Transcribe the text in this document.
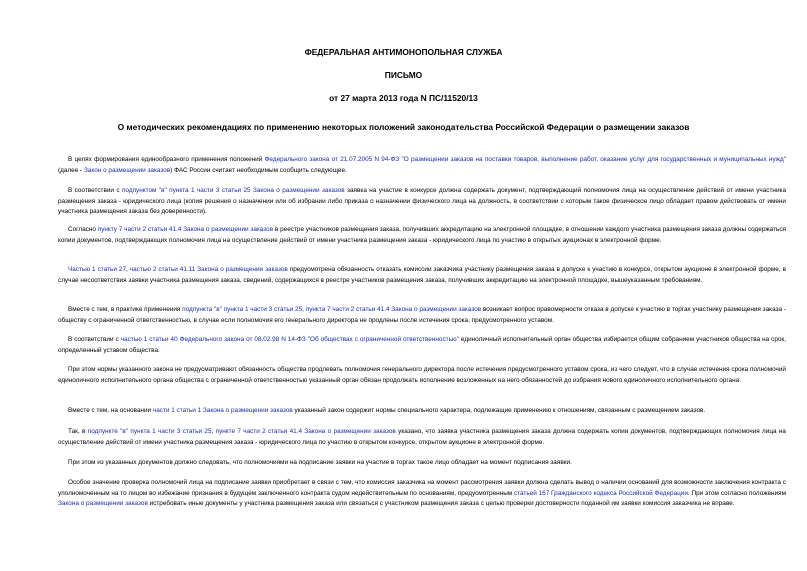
ФЕДЕРАЛЬНАЯ АНТИМОНОПОЛЬНАЯ СЛУЖБА
ПИСЬМО
от 27 марта 2013 года N ПС/11520/13
О методических рекомендациях по применению некоторых положений законодательства Российской Федерации о размещении заказов

В целях формирования единообразного применения положений Федерального закона от 21.07.2005 N 94-ФЗ "О размещении заказов на поставки товаров, выполнение работ, оказание услуг для государственных и муниципальных нужд" (далее - Закон о размещении заказов) ФАС России считает необходимым сообщить следующее.

В соответствии с подпунктом "в" пункта 1 части 3 статьи 25 Закона о размещении заказов заявка на участие в конкурсе должна содержать документ, подтверждающий полномочия лица на осуществление действий от имени участника размещения заказа - юридического лица (копия решения о назначении или об избрании либо приказа о назначении физического лица на должность, в соответствии с которым такое физическое лицо обладает правом действовать от имени участника размещения заказа без доверенности).

Согласно пункту 7 части 2 статьи 41.4 Закона о размещении заказов в реестре участников размещения заказа, получивших аккредитацию на электронной площадке, в отношении каждого участника размещения заказа должны содержаться копии документов, подтверждающих полномочия лица на осуществление действий от имени участника размещения заказа - юридического лица по участию в открытых аукционах в электронной форме.

Частью 1 статьи 27, частью 2 статьи 41.11 Закона о размещении заказов предусмотрена обязанность отказать комиссии заказчика участнику размещения заказа в допуске к участию в конкурсе, открытом аукционе в электронной форме, в случае несоответствия заявки участника размещения заказа, сведений, содержащихся в реестре участников размещения заказа, получивших аккредитацию на электронной площадке, вышеуказанным требованиям.

Вместе с тем, в практике применения подпункта "в" пункта 1 части 3 статьи 25, пункта 7 части 2 статьи 41.4 Закона о размещении заказов возникает вопрос правомерности отказа в допуске к участию в торгах участнику размещения заказа - обществу с ограниченной ответственностью, в случае если полномочия его генерального директора не продлены после истечения срока, предусмотренного уставом.

В соответствии с частью 1 статьи 40 Федерального закона от 08.02.98 N 14-ФЗ "Об обществах с ограниченной ответственностью" единоличный исполнительный орган общества избирается общим собранием участников общества на срок, определенный уставом общества.

При этом нормы указанного закона не предусматривают обязанность общества продлевать полномочия генерального директора после истечения предусмотренного уставом срока, из чего следует, что в случае истечения срока полномочий единоличного исполнительного органа общества с ограниченной ответственностью указанный орган обязан продолжать исполнение возложенных на него обязанностей до избрания нового единоличного исполнительного органа.

Вместе с тем, на основании части 1 статьи 1 Закона о размещении заказов указанный закон содержит нормы специального характера, подлежащие применению к отношениям, связанным с размещением заказов.

Так, в подпункте "в" пункта 1 части 3 статьи 25, пункте 7 части 2 статьи 41.4 Закона о размещении заказов указано, что заявка участника размещения заказа должна содержать копии документов, подтверждающих полномочия лица на осуществление действий от имени участника размещения заказа - юридического лица по участию в открытом конкурсе, открытом аукционе в электронной форме.

При этом из указанных документов должно следовать, что полномочиями на подписание заявки на участие в торгах такое лицо обладает на момент подписания заявки.

Особое значение проверка полномочий лица на подписание заявки приобретает в связи с тем, что комиссия заказчика на момент рассмотрения заявки должна сделать вывод о наличии оснований для возможности заключения контракта с уполномоченным на то лицом во избежание признания в будущем заключенного контракта судом недействительным по основаниям, предусмотренным статьей 167 Гражданского кодекса Российской Федерации. При этом согласно положениям Закона о размещении заказов истребовать иные документы у участника размещения заказа или связаться с участником размещения заказа с целью проверки достоверности поданной им заявки комиссия заказчика не вправе.
